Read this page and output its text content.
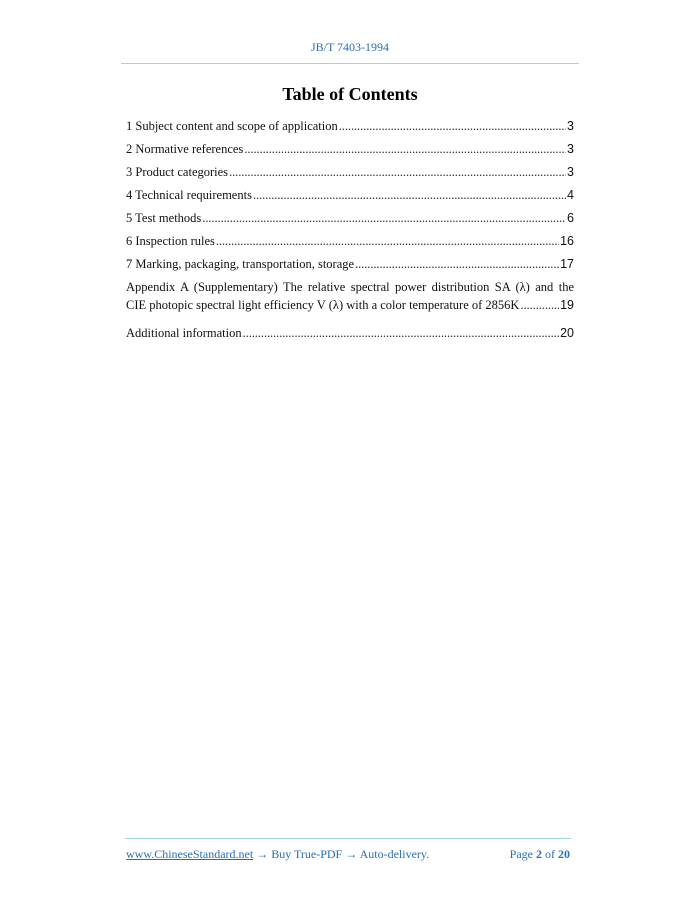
JB/T 7403-1994
Table of Contents
1 Subject content and scope of application . . .	3
2 Normative references . . .	3
3 Product categories . . .	3
4 Technical requirements . . .	4
5 Test methods . . .	6
6 Inspection rules . . .	16
7 Marking, packaging, transportation, storage . . .	17
Appendix A (Supplementary) The relative spectral power distribution SA (λ) and the
CIE photopic spectral light efficiency V (λ) with a color temperature of 2856K . . .	19
Additional information . . .	20
www.ChineseStandard.net → Buy True-PDF → Auto-delivery.	Page 2 of 20
